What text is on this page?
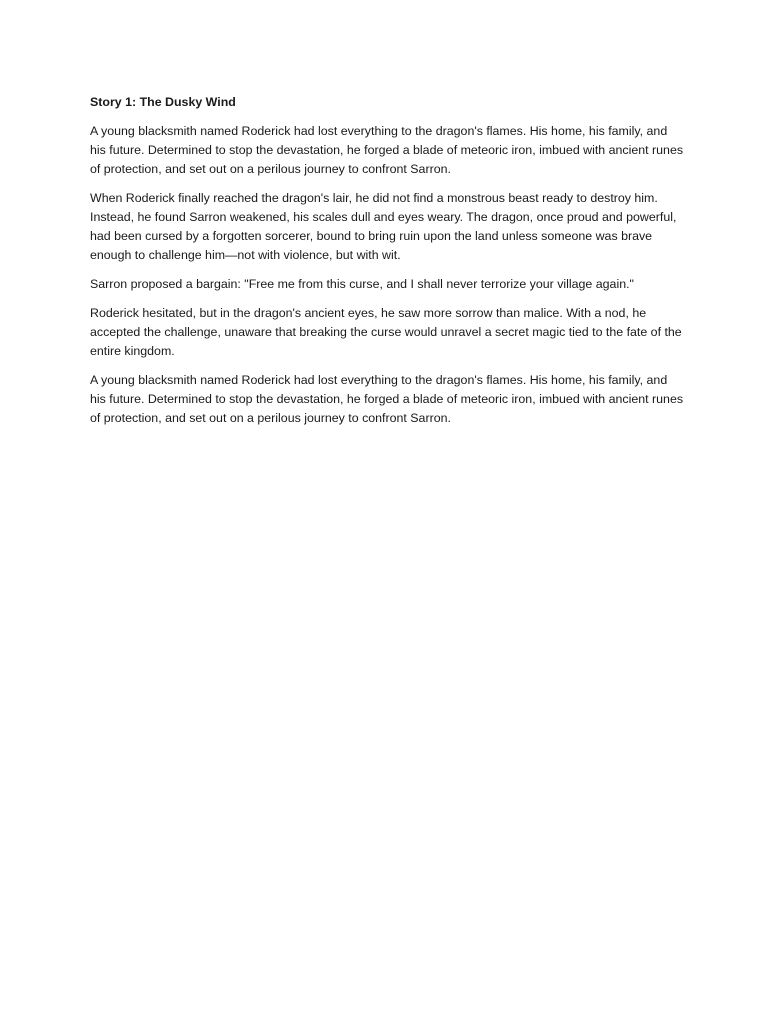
Story 1: The Dusky Wind

A young blacksmith named Roderick had lost everything to the dragon's flames. His home, his family, and his future. Determined to stop the devastation, he forged a blade of meteoric iron, imbued with ancient runes of protection, and set out on a perilous journey to confront Sarron.

When Roderick finally reached the dragon's lair, he did not find a monstrous beast ready to destroy him. Instead, he found Sarron weakened, his scales dull and eyes weary. The dragon, once proud and powerful, had been cursed by a forgotten sorcerer, bound to bring ruin upon the land unless someone was brave enough to challenge him—not with violence, but with wit.

Sarron proposed a bargain: "Free me from this curse, and I shall never terrorize your village again."

Roderick hesitated, but in the dragon's ancient eyes, he saw more sorrow than malice. With a nod, he accepted the challenge, unaware that breaking the curse would unravel a secret magic tied to the fate of the entire kingdom.

A young blacksmith named Roderick had lost everything to the dragon's flames. His home, his family, and his future. Determined to stop the devastation, he forged a blade of meteoric iron, imbued with ancient runes of protection, and set out on a perilous journey to confront Sarron.
